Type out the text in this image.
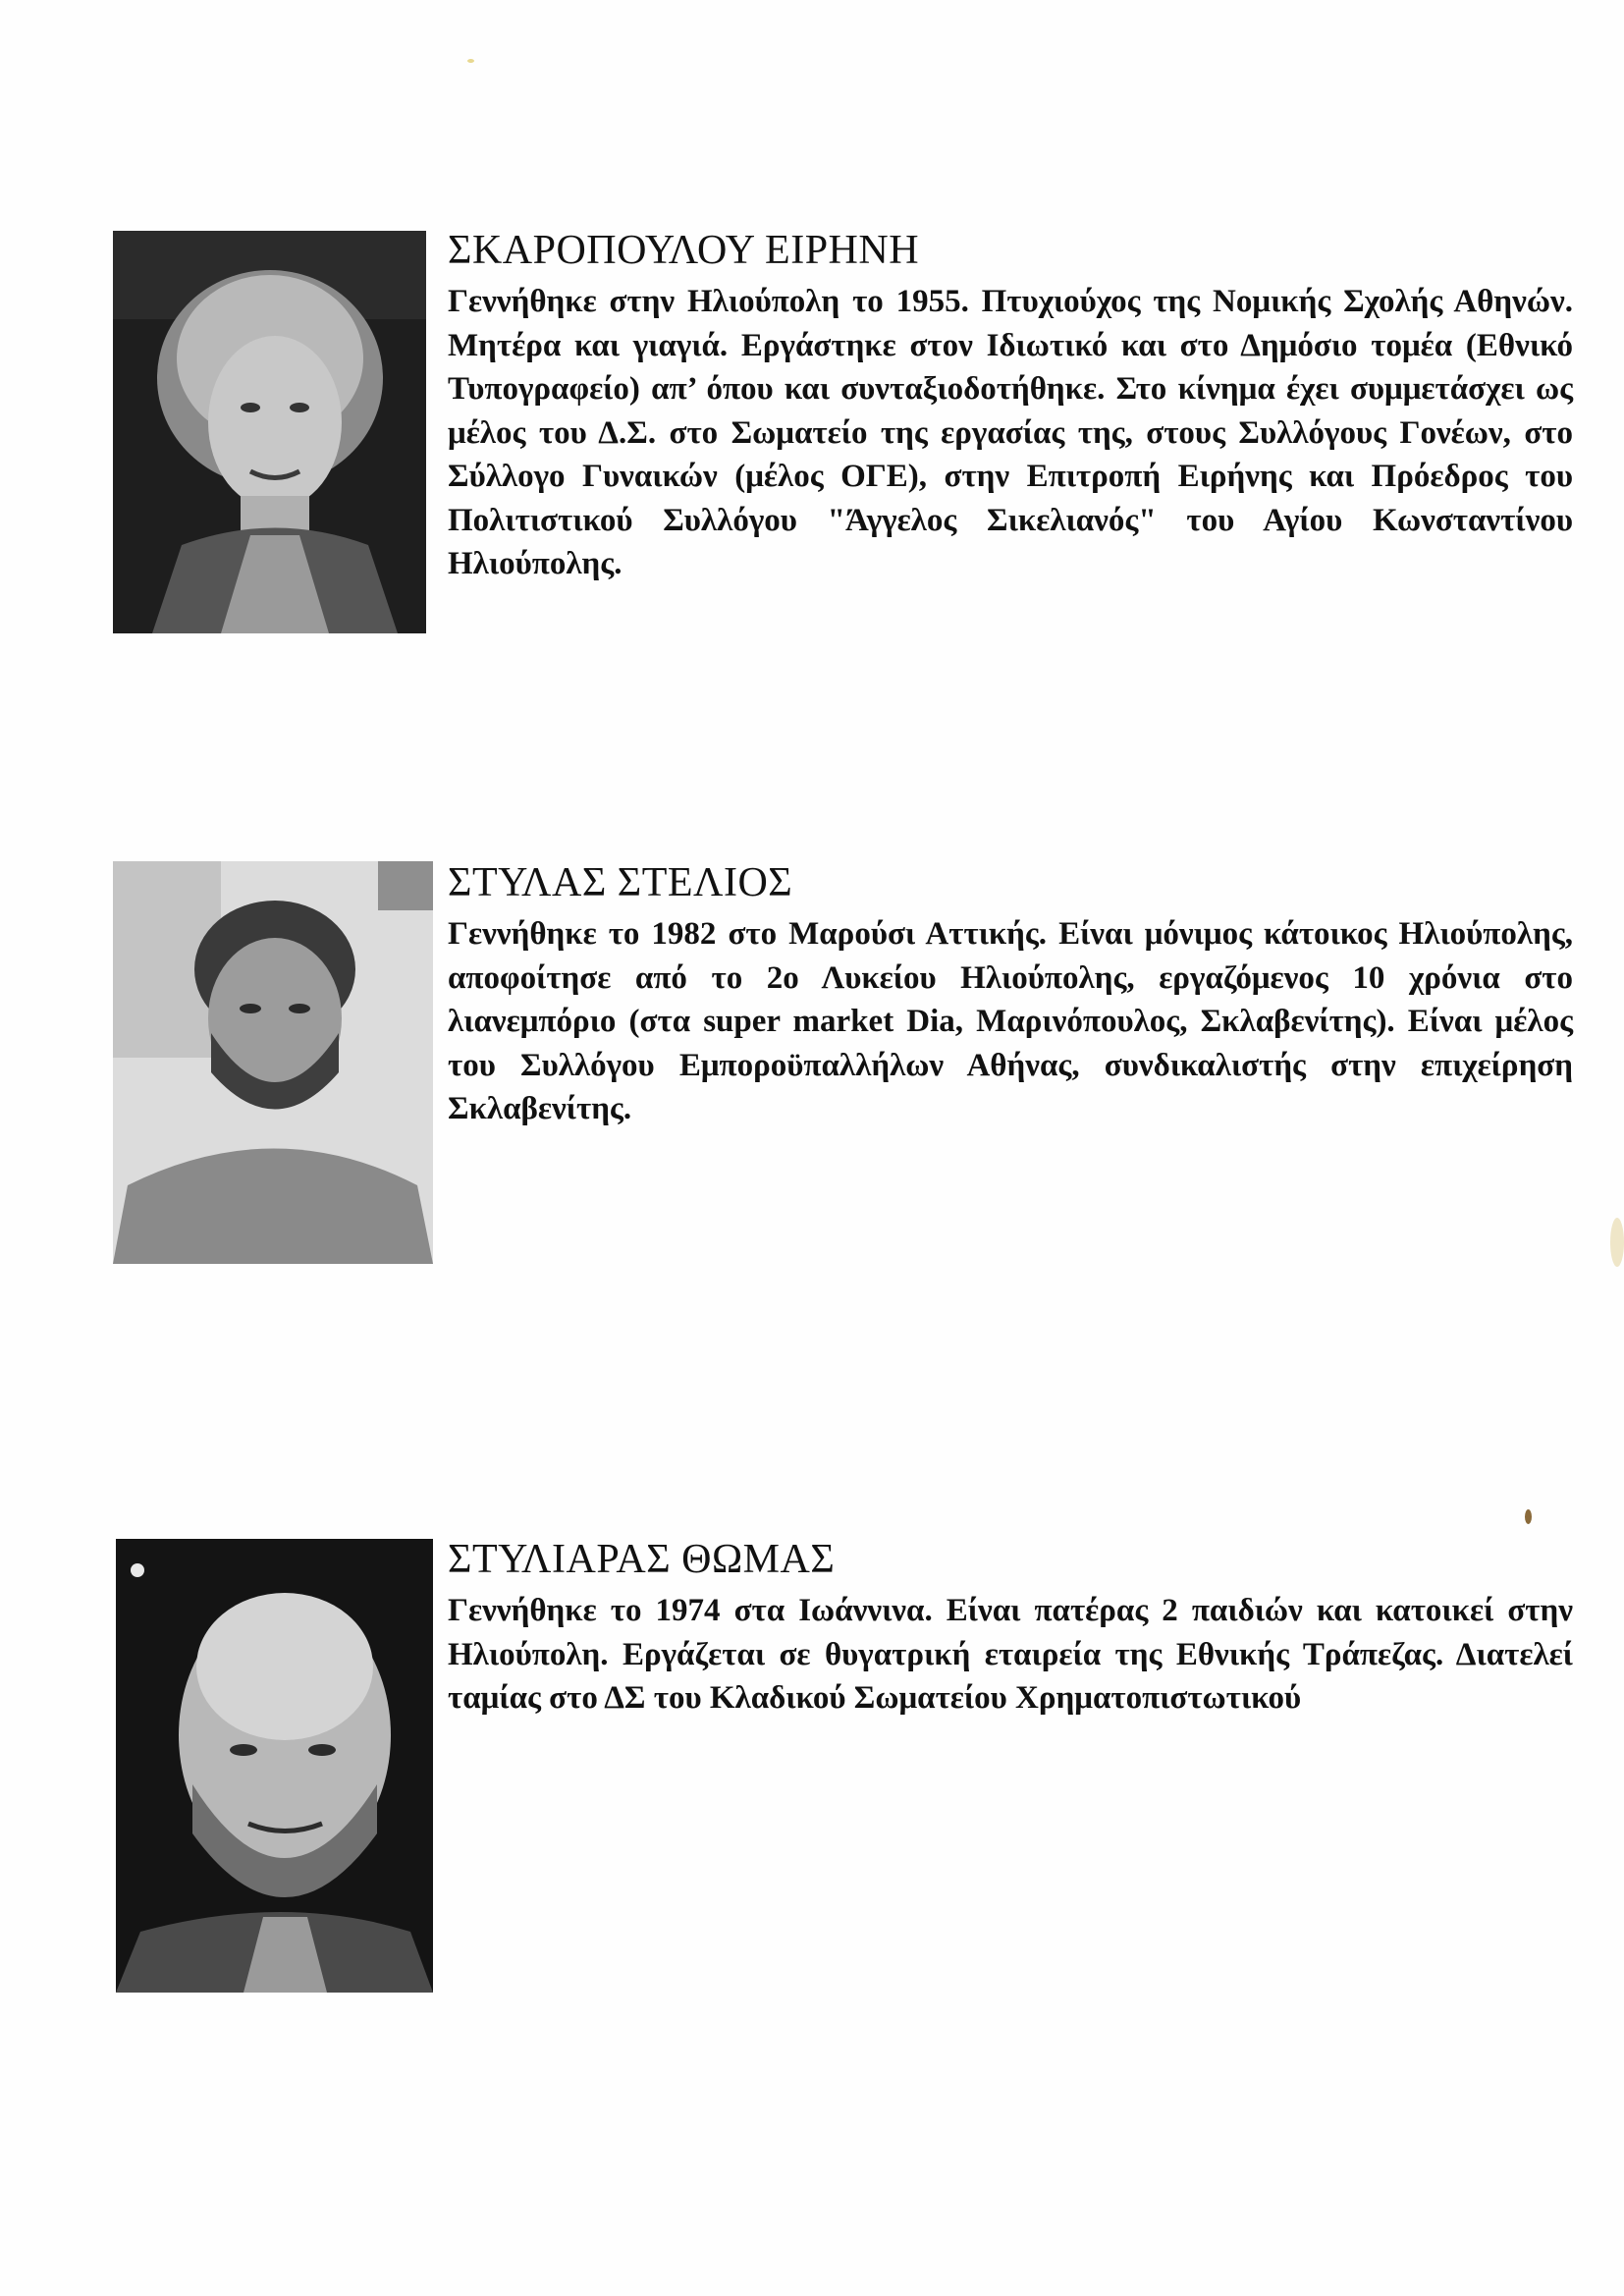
ΣΚΑΡΟΠΟΥΛΟΥ ΕΙΡΗΝΗ

Γεννήθηκε στην Ηλιούπολη το 1955. Πτυχιούχος της Νομικής Σχολής Αθηνών. Μητέρα και γιαγιά. Εργάστηκε στον Ιδιωτικό και στο Δημόσιο τομέα (Εθνικό Τυπογραφείο) απ’ όπου και συνταξιοδοτήθηκε. Στο κίνημα έχει συμμετάσχει ως μέλος του Δ.Σ. στο Σωματείο της εργασίας της, στους Συλλόγους Γονέων, στο Σύλλογο Γυναικών (μέλος ΟΓΕ), στην Επιτροπή Ειρήνης και Πρόεδρος του Πολιτιστικού Συλλόγου "Άγγελος Σικελιανός" του Αγίου Κωνσταντίνου Ηλιούπολης.

ΣΤΥΛΑΣ ΣΤΕΛΙΟΣ

Γεννήθηκε το 1982 στο Μαρούσι Αττικής. Είναι μόνιμος κάτοικος Ηλιούπολης, αποφοίτησε από το 2ο Λυκείου Ηλιούπολης, εργαζόμενος 10 χρόνια στο λιανεμπόριο (στα super market Dia, Μαρινόπουλος, Σκλαβενίτης). Είναι μέλος του Συλλόγου Εμποροϋπαλλήλων Αθήνας, συνδικαλιστής στην επιχείρηση Σκλαβενίτης.

ΣΤΥΛΙΑΡΑΣ ΘΩΜΑΣ

Γεννήθηκε το 1974 στα Ιωάννινα. Είναι πατέρας 2 παιδιών και κατοικεί στην Ηλιούπολη. Εργάζεται σε θυγατρική εταιρεία της Εθνικής Τράπεζας. Διατελεί ταμίας στο ΔΣ του Κλαδικού Σωματείου Χρηματοπιστωτικού
